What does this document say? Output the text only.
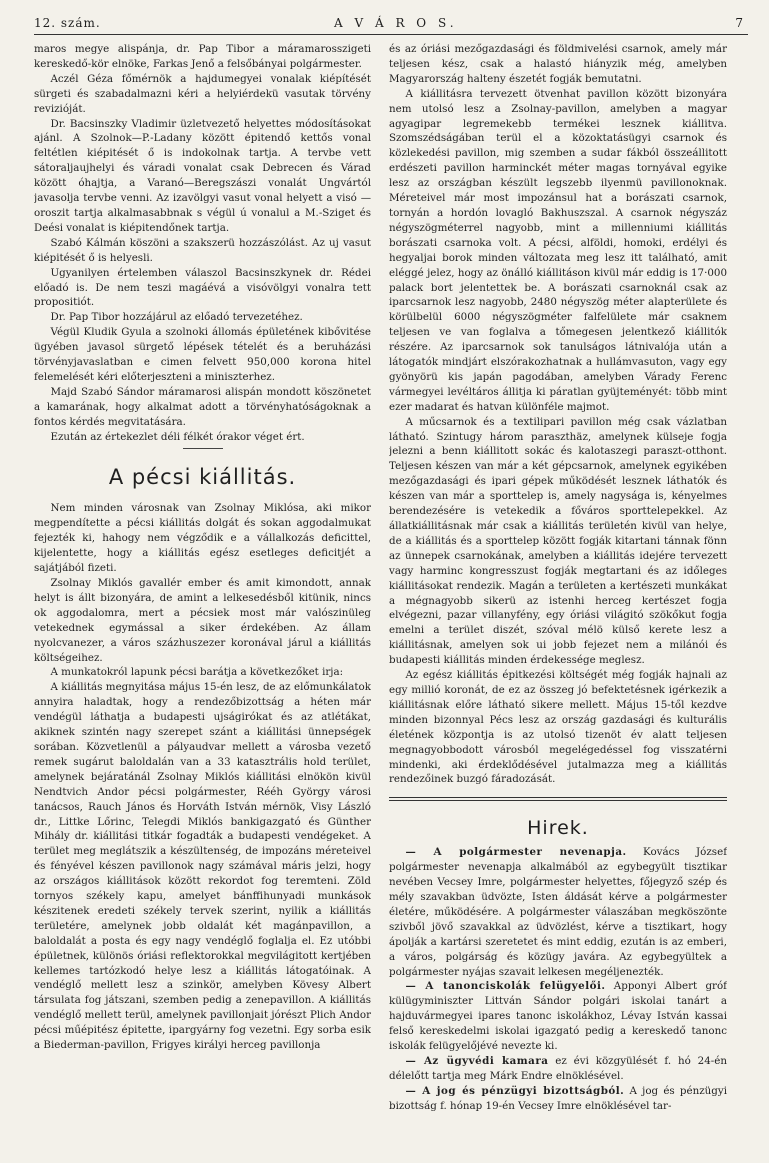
12. szám.	A V Á R O S.	7

maros megye alispánja, dr. Pap Tibor a máramarosszigeti kereskedő-kör elnöke, Farkas Jenő a felsőbányai polgármester.

Aczél Géza főmérnök a hajdumegyei vonalak kiépítését sürgeti és szabadalmazni kéri a helyiérdekü vasutak törvény revizióját.

Dr. Bacsinszky Vladimir üzletvezető helyettes módosításokat ajánl. A Szolnok—P.-Ladany között épitendő kettős vonal feltétlen kiépitését ő is indokolnak tartja. A tervbe vett sátoraljaujhelyi és váradi vonalat csak Debrecen és Várad között óhajtja, a Varanó—Beregszászi vonalát Ungvártól javasolja tervbe venni. Az izavölgyi vasut vonal helyett a visó — oroszit tartja alkalmasabbnak s végül ú vonalul a M.-Sziget és Deési vonalat is kiépitendőnek tartja.

Szabó Kálmán köszöni a szakszerü hozzászólást. Az uj vasut kiépitését ő is helyesli.

Ugyanilyen értelemben válaszol Bacsinszkynek dr. Rédei előadó is. De nem teszi magáévá a visóvölgyi vonalra tett propositiót.

Dr. Pap Tibor hozzájárul az előadó tervezetéhez.

Végül Kludik Gyula a szolnoki állomás épületének kibővitése ügyében javasol sürgető lépések tételét és a beruházási törvényjavaslatban e cimen felvett 950,000 korona hitel felemelését kéri előterjeszteni a miniszterhez.

Majd Szabó Sándor máramarosi alispán mondott köszönetet a kamarának, hogy alkalmat adott a törvényhatóságoknak a fontos kérdés megvitatására.

Ezután az értekezlet déli félkét órakor véget ért.

A pécsi kiállitás.

Nem minden városnak van Zsolnay Miklósa, aki mikor megpendítette a pécsi kiállitás dolgát és sokan aggodalmukat fejezték ki, hahogy nem végződik e a vállalkozás deficittel, kijelentette, hogy a kiállitás egész esetleges deficitjét a sajátjából fizeti.

Zsolnay Miklós gavallér ember és amit kimondott, annak helyt is állt bizonyára, de amint a lelkesedésből kitünik, nincs ok aggodalomra, mert a pécsiek most már valószinüleg vetekednek egymással a siker érdekében. Az állam nyolcvanezer, a város százhuszezer koronával járul a kiállitás költségeihez.

A munkatokról lapunk pécsi barátja a következőket irja:

A kiállitás megnyitása május 15-én lesz, de az előmunkálatok annyira haladtak, hogy a rendezőbizottság a héten már vendégül láthatja a budapesti ujságirókat és az atlétákat, akiknek szintén nagy szerepet szánt a kiállitási ünnepségek sorában. Közvetlenül a pályaudvar mellett a városba vezető remek sugárut baloldalán van a 33 katasztrális hold terület, amelynek bejáratánál Zsolnay Miklós kiállitási elnökön kivül Nendtvich Andor pécsi polgármester, Rééh György városi tanácsos, Rauch János és Horváth István mérnök, Visy László dr., Littke Lőrinc, Telegdi Miklós bankigazgató és Günther Mihály dr. kiállitási titkár fogadták a budapesti vendégeket. A terület meg meglátszik a készültenség, de impozáns méreteivel és fényével készen pavillonok nagy számával máris jelzi, hogy az országos kiállitások között rekordot fog teremteni. Zöld tornyos székely kapu, amelyet bánffihunyadi munkások készitenek eredeti székely tervek szerint, nyilik a kiállitás területére, amelynek jobb oldalát két magánpavillon, a baloldalát a posta és egy nagy vendéglő foglalja el. Ez utóbbi épületnek, különös óriási reflektorokkal megvilágitott kertjében kellemes tartózkodó helye lesz a kiállitás látogatóinak. A vendéglő mellett lesz a szinkör, amelyben Kövesy Albert társulata fog játszani, szemben pedig a zenepavillon. A kiállitás vendéglő mellett terül, amelynek pavillonjait jórészt Plich Andor pécsi műépitész épitette, ipargyárny fog vezetni. Egy sorba esik a Biederman-pavillon, Frigyes királyi herceg pavillonja

és az óriási mezőgazdasági és földmivelési csarnok, amely már teljesen kész, csak a halastó hiányzik még, amelyben Magyarország halteny észetét fogják bemutatni.

A kiállitásra tervezett ötvenhat pavillon között bizonyára nem utolsó lesz a Zsolnay-pavillon, amelyben a magyar agyagipar legremekebb termékei lesznek kiállitva. Szomszédságában terül el a közoktatásügyi csarnok és közlekedési pavillon, mig szemben a sudar fákból összeállitott erdészeti pavillon harminckét méter magas tornyával egyike lesz az országban készült legszebb ilyenmü pavillonoknak. Méreteivel már most impozánsul hat a borászati csarnok, tornyán a hordón lovagló Bakhuszszal. A csarnok négyszáz négyszögméterrel nagyobb, mint a millenniumi kiállitás borászati csarnoka volt. A pécsi, alföldi, homoki, erdélyi és hegyaljai borok minden változata meg lesz itt található, amit eléggé jelez, hogy az önálló kiállitáson kivül már eddig is 17·000 palack bort jelentettek be. A borászati csarnoknál csak az iparcsarnok lesz nagyobb, 2480 négyszög méter alapterülete és körülbelül 6000 négyszögméter falfelülete már csaknem teljesen ve van foglalva a tőmegesen jelentkező kiállitók részére. Az iparcsarnok sok tanulságos látnivalója után a látogatók mindjárt elszórakozhatnak a hullámvasuton, vagy egy gyönyörü kis japán pagodában, amelyben Várady Ferenc vármegyei levéltáros állitja ki páratlan gyüjteményét: több mint ezer madarat és hatvan különféle majmot.

A műcsarnok és a textilipari pavillon még csak vázlatban látható. Szintugy három paraszthäz, amelynek külseje fogja jelezni a benn kiállitott sokác és kalotaszegi paraszt-otthont. Teljesen készen van már a két gépcsarnok, amelynek egyikében mezőgazdasági és ipari gépek működését lesznek láthatók és készen van már a sporttelep is, amely nagysága is, kényelmes berendezésére is vetekedik a főváros sporttelepekkel. Az állatkiállitásnak már csak a kiállitás területén kivül van helye, de a kiállitás és a sporttelep között fogják kitartani tánnak fönn az ünnepek csarnokának, amelyben a kiállitás idejére tervezett vagy harminc kongresszust fogják megtartani és az időleges kiállitásokat rendezik. Magán a területen a kertészeti munkákat a mégnagyobb sikerü az istenhi herceg kertészet fogja elvégezni, pazar villanyfény, egy óriási világitó szökőkut fogja emelni a terület diszét, szóval mélö külső kerete lesz a kiállitásnak, amelyen sok ui jobb fejezet nem a milánói és budapesti kiállitás minden érdekessége meglesz.

Az egész kiállitás épitkezési költségét még fogják hajnali az egy millió koronát, de ez az összeg jó befektetésnek igérkezik a kiállitásnak előre látható sikere mellett. Május 15-től kezdve minden bizonnyal Pécs lesz az ország gazdasági és kulturális életének központja is az utolsó tizenöt év alatt teljesen megnagyobbodott városból megelégedéssel fog visszatérni mindenki, aki érdeklődésével jutalmazza meg a kiállitás rendezőinek buzgó fáradozását.

Hirek.

— A polgármester nevenapja. Kovács József polgármester nevenapja alkalmából az egybegyült tisztikar nevében Vecsey Imre, polgármester helyettes, főjegyző szép és mély szavakban üdvözte, Isten áldását kérve a polgármester életére, működésére. A polgármester válaszában megköszönte szivből jövő szavakkal az üdvözlést, kérve a tisztikart, hogy ápolják a kartársi szeretetet és mint eddig, ezután is az emberi, a város, polgárság és közügy javára. Az egybegyültek a polgármester nyájas szavait lelkesen megéljenezték.

— A tanonciskolák felügyelői. Apponyi Albert gróf külügyminiszter Littván Sándor polgári iskolai tanárt a hajduvármegyei ipares tanonc iskolákhoz, Lévay István kassai felső kereskedelmi iskolai igazgató pedig a kereskedő tanonc iskolák felügyelőjévé nevezte ki.

— Az ügyvédi kamara ez évi közgyülését f. hó 24-én délelőtt tartja meg Márk Endre elnöklésével.

— A jog és pénzügyi bizottságból. A jog és pénzügyi bizottság f. hónap 19-én Vecsey Imre elnöklésével tar-
